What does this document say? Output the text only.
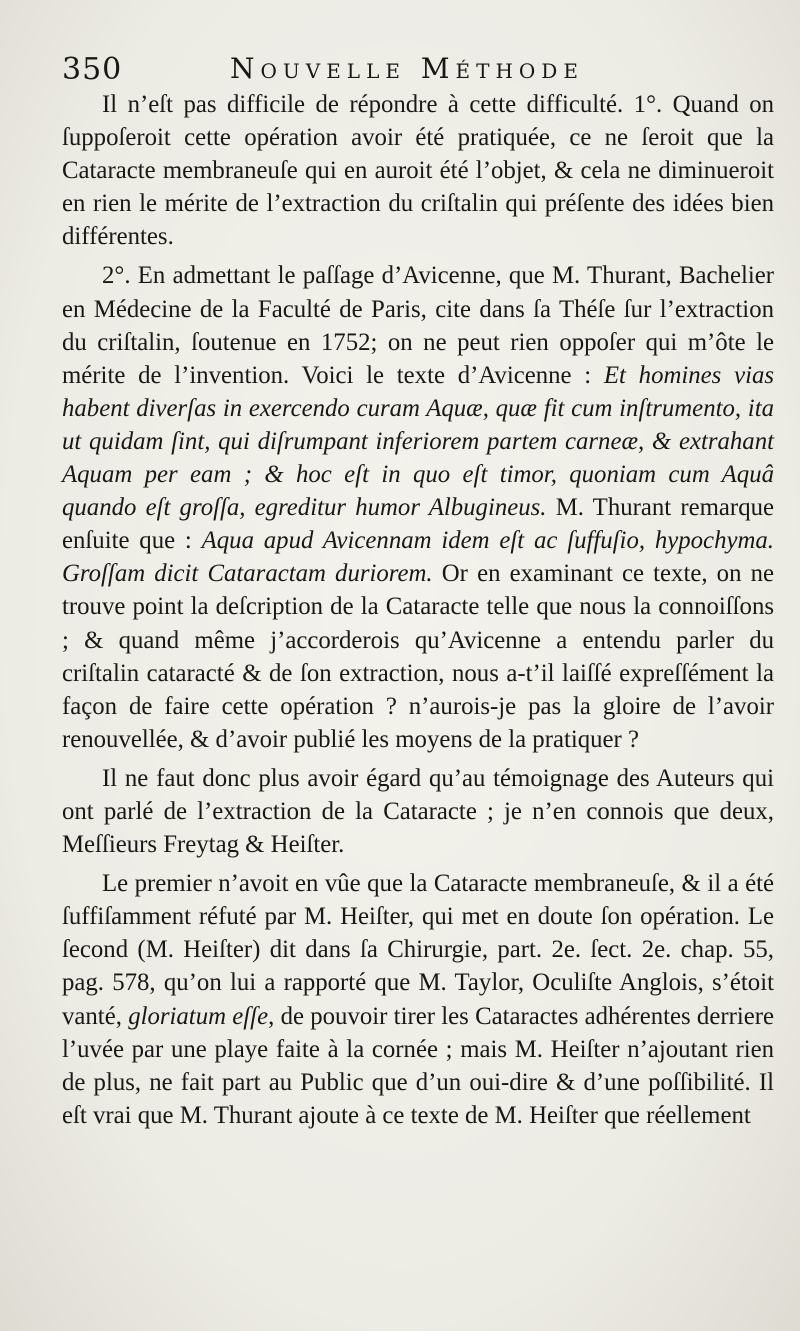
350	Nouvelle Méthode

Il n’eſt pas difficile de répondre à cette difficulté. 1°. Quand on ſuppoſeroit cette opération avoir été pratiquée, ce ne ſeroit que la Cataracte membraneuſe qui en auroit été l’objet, & cela ne diminueroit en rien le mérite de l’extraction du criſtalin qui préſente des idées bien différentes.

2°. En admettant le paſſage d’Avicenne, que M. Thurant, Bachelier en Médecine de la Faculté de Paris, cite dans ſa Théſe ſur l’extraction du criſtalin, ſoutenue en 1752; on ne peut rien oppoſer qui m’ôte le mérite de l’invention. Voici le texte d’Avicenne : Et homines vias habent diverſas in exercendo curam Aquæ, quæ fit cum inſtrumento, ita ut quidam ſint, qui diſrumpant inferiorem partem carneæ, & extrahant Aquam per eam ; & hoc eſt in quo eſt timor, quoniam cum Aquâ quando eſt groſſa, egreditur humor Albugineus. M. Thurant remarque enſuite que : Aqua apud Avicennam idem eſt ac ſuffuſio, hypochyma. Groſſam dicit Cataractam duriorem. Or en examinant ce texte, on ne trouve point la deſcription de la Cataracte telle que nous la connoiſſons ; & quand même j’accorderois qu’Avicenne a entendu parler du criſtalin cataracté & de ſon extraction, nous a-t’il laiſſé expreſſément la façon de faire cette opération ? n’aurois-je pas la gloire de l’avoir renouvellée, & d’avoir publié les moyens de la pratiquer ?

Il ne faut donc plus avoir égard qu’au témoignage des Auteurs qui ont parlé de l’extraction de la Cataracte ; je n’en connois que deux, Meſſieurs Freytag & Heiſter.

Le premier n’avoit en vûe que la Cataracte membraneuſe, & il a été ſuffiſamment réfuté par M. Heiſter, qui met en doute ſon opération. Le ſecond (M. Heiſter) dit dans ſa Chirurgie, part. 2e. ſect. 2e. chap. 55, pag. 578, qu’on lui a rapporté que M. Taylor, Oculiſte Anglois, s’étoit vanté, gloriatum eſſe, de pouvoir tirer les Cataractes adhérentes derriere l’uvée par une playe faite à la cornée ; mais M. Heiſter n’ajoutant rien de plus, ne fait part au Public que d’un oui-dire & d’une poſſibilité. Il eſt vrai que M. Thurant ajoute à ce texte de M. Heiſter que réellement
